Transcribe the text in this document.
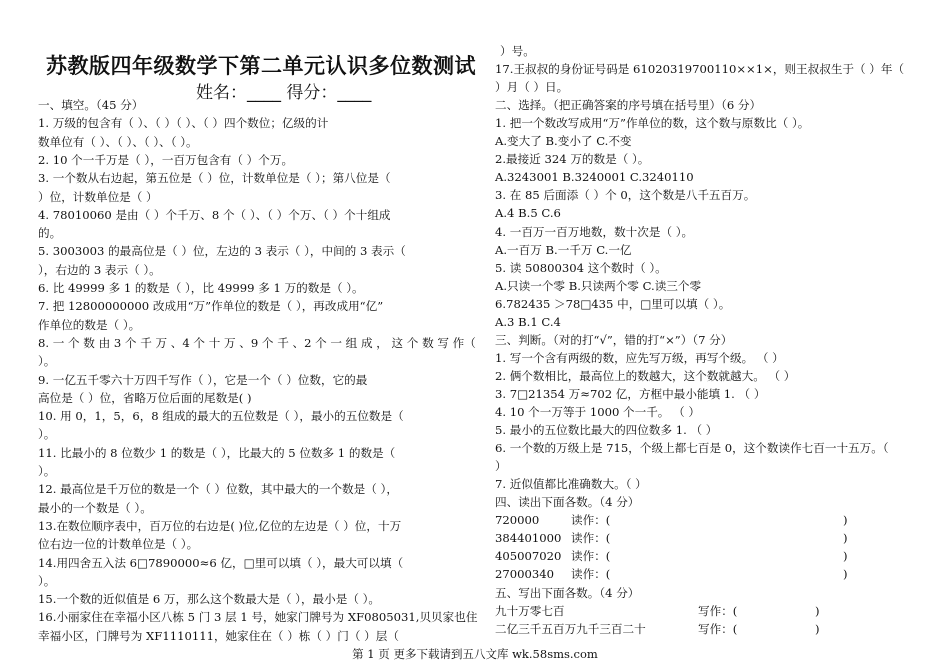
苏教版四年级数学下第二单元认识多位数测试
姓名：____ 得分：____
一、填空。（45 分）
1. 万级的包含有（ ）、（ ）（ ）、（ ）四个数位；亿级的计
数单位有（ ）、（ ）、（ ）、（ ）。
2. 10 个一千万是（ ），一百万包含有（ ）个万。
3. 一个数从右边起，第五位是（ ）位，计数单位是（ ）；第八位是（
）位，计数单位是（ ）
4. 78010060 是由（ ）个千万、8 个（ ）、（ ）个万、（ ）个十组成
的。
5. 3003003 的最高位是（ ）位，左边的 3 表示（ ），中间的 3 表示（
），右边的 3 表示（ ）。
6. 比 49999 多 1 的数是（ ），比 49999 多 1 万的数是（ ）。
7. 把 12800000000 改成用“万”作单位的数是（ ），再改成用“亿”
作单位的数是（ ）。
8. 一 个 数 由 3 个 千 万 、4 个 十 万 、9 个 千 、2 个 一 组 成 ， 这 个 数 写 作（
）。
9. 一亿五千零六十万四千写作（ ），它是一个（ ）位数，它的最
高位是（ ）位，省略万位后面的尾数是( )
10. 用 0，1，5，6，8 组成的最大的五位数是（ ），最小的五位数是（
）。
11. 比最小的 8 位数少 1 的数是（ ），比最大的 5 位数多 1 的数是（
）。
12. 最高位是千万位的数是一个（ ）位数，其中最大的一个数是（ ），
最小的一个数是（ ）。
13.在数位顺序表中，百万位的右边是( )位,亿位的左边是（ ）位，十万
位右边一位的计数单位是（ ）。
14.用四舍五入法 6□7890000≈6 亿，□里可以填（ ），最大可以填（
）。
15.一个数的近似值是 6 万，那么这个数最大是（ ），最小是（ ）。
16.小丽家住在幸福小区八栋 5 门 3 层 1 号，她家门牌号为 XF0805031,贝贝家也住
幸福小区，门牌号为 XF1110111，她家住在（ ）栋（ ）门（ ）层（
）号。
17.王叔叔的身份证号码是 61020319700110××1×，则王叔叔生于（ ）年（
）月（ ）日。
二、选择。（把正确答案的序号填在括号里）（6 分）
1. 把一个数改写成用“万”作单位的数，这个数与原数比（ ）。
A.变大了 B.变小了 C.不变
2.最接近 324 万的数是（ ）。
A.3243001 B.3240001 C.3240110
3. 在 85 后面添（ ）个 0，这个数是八千五百万。
A.4 B.5 C.6
4. 一百万一百万地数，数十次是（ ）。
A.一百万 B.一千万 C.一亿
5. 读 50800304 这个数时（ ）。
A.只读一个零 B.只读两个零 C.读三个零
6.782435 ＞78□435 中，□里可以填（ ）。
A.3 B.1 C.4
三、判断。（对的打“√”，错的打“×”）（7 分）
1. 写一个含有两级的数，应先写万级，再写个级。 （ ）
2. 俩个数相比，最高位上的数越大，这个数就越大。 （ ）
3. 7□21354 万≈702 亿，方框中最小能填 1. （ ）
4. 10 个一万等于 1000 个一千。 （ ）
5. 最小的五位数比最大的四位数多 1. （ ）
6. 一个数的万级上是 715，个级上都七百是 0，这个数读作七百一十五万。（
）
7. 近似值都比准确数大。（ ）
四、读出下面各数。（4 分）
720000	读作：(	)
384401000 读作：(	)
405007020 读作：(	)
27000340 读作：(	)
五、写出下面各数。（4 分）
九十万零七百	写作：(	)
二亿三千五百万九千三百二十	写作：(	)
第 1 页 更多下载请到五八文库 wk.58sms.com
